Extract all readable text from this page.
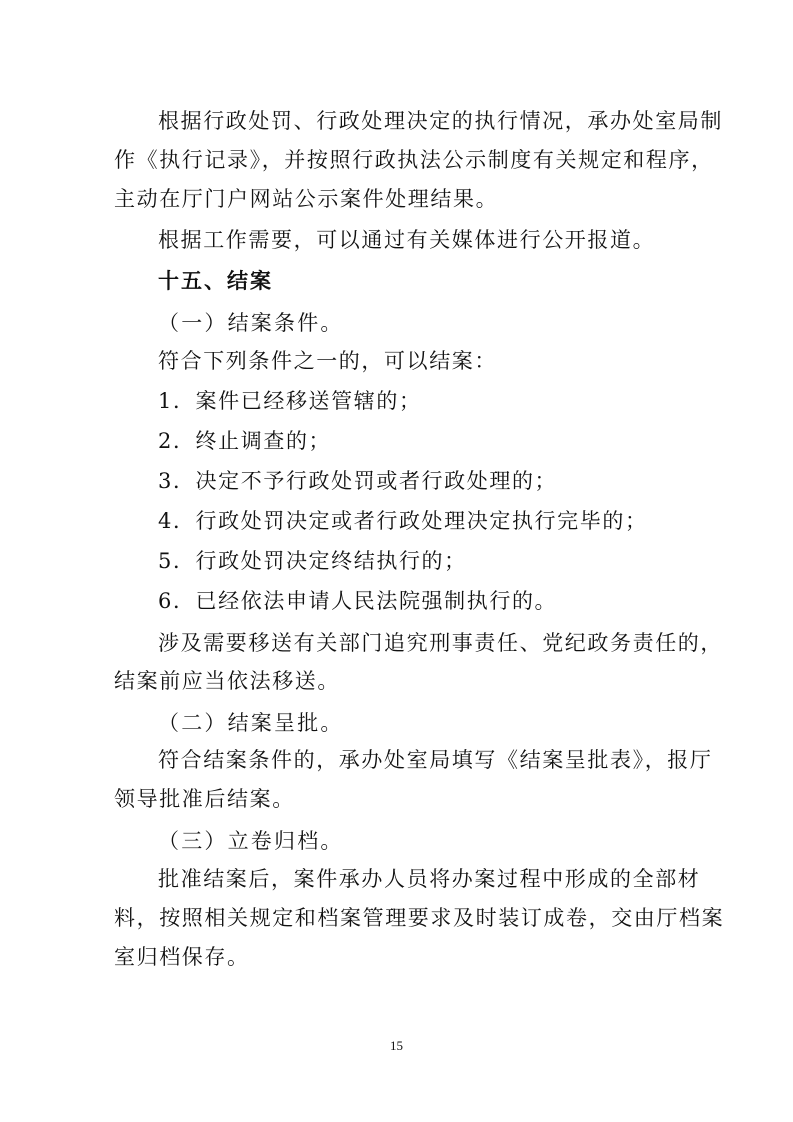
根据行政处罚、行政处理决定的执行情况，承办处室局制
作《执行记录》，并按照行政执法公示制度有关规定和程序，
主动在厅门户网站公示案件处理结果。
根据工作需要，可以通过有关媒体进行公开报道。
十五、结案
（一）结案条件。
符合下列条件之一的，可以结案：
1．案件已经移送管辖的；
2．终止调查的；
3．决定不予行政处罚或者行政处理的；
4．行政处罚决定或者行政处理决定执行完毕的；
5．行政处罚决定终结执行的；
6．已经依法申请人民法院强制执行的。
涉及需要移送有关部门追究刑事责任、党纪政务责任的，
结案前应当依法移送。
（二）结案呈批。
符合结案条件的，承办处室局填写《结案呈批表》，报厅
领导批准后结案。
（三）立卷归档。
批准结案后，案件承办人员将办案过程中形成的全部材
料，按照相关规定和档案管理要求及时装订成卷，交由厅档案
室归档保存。
15
